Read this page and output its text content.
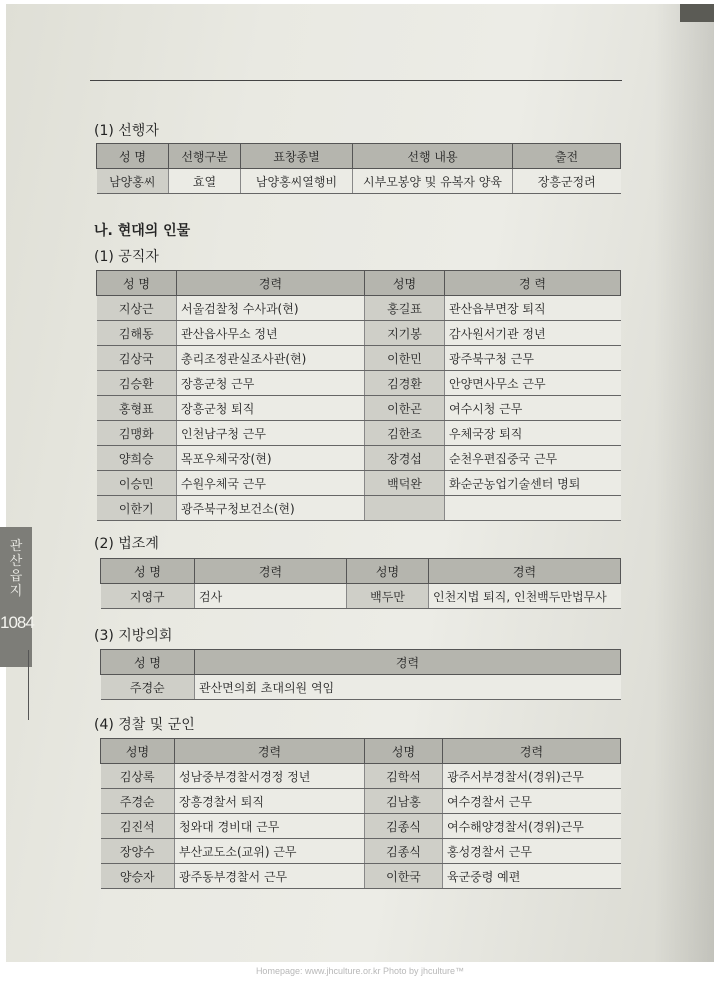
관산읍지
1084
(1) 선행자
성 명	선행구분	표창종별	선행 내용	출전
남양홍씨	효열	남양홍씨열행비	시부모봉양 및 유복자 양육	장흥군정려
나. 현대의 인물
(1) 공직자
성 명	경력	성명	경 력
지상근	서울검찰청 수사과(현)	홍길표	관산읍부면장 퇴직
김해동	관산읍사무소 정년	지기봉	감사원서기관 정년
김상국	총리조정관실조사관(현)	이한민	광주북구청 근무
김승환	장흥군청 근무	김경환	안양면사무소 근무
홍형표	장흥군청 퇴직	이한곤	여수시청 근무
김맹화	인천남구청 근무	김한조	우체국장 퇴직
양희승	목포우체국장(현)	장경섭	순천우편집중국 근무
이승민	수원우체국 근무	백덕완	화순군농업기술센터 명퇴
이한기	광주북구청보건소(현)		
(2) 법조계
성 명	경력	성명	경력
지영구	검사	백두만	인천지법 퇴직, 인천백두만법무사
(3) 지방의회
성 명	경력
주경순	관산면의회 초대의원 역임
(4) 경찰 및 군인
성명	경력	성명	경력
김상록	성남중부경찰서경정 정년	김학석	광주서부경찰서(경위)근무
주경순	장흥경찰서 퇴직	김남홍	여수경찰서 근무
김진석	청와대 경비대 근무	김종식	여수해양경찰서(경위)근무
장양수	부산교도소(교위) 근무	김종식	홍성경찰서 근무
양승자	광주동부경찰서 근무	이한국	육군중령 예편
Homepage: www.jhculture.or.kr Photo by jhculture™
